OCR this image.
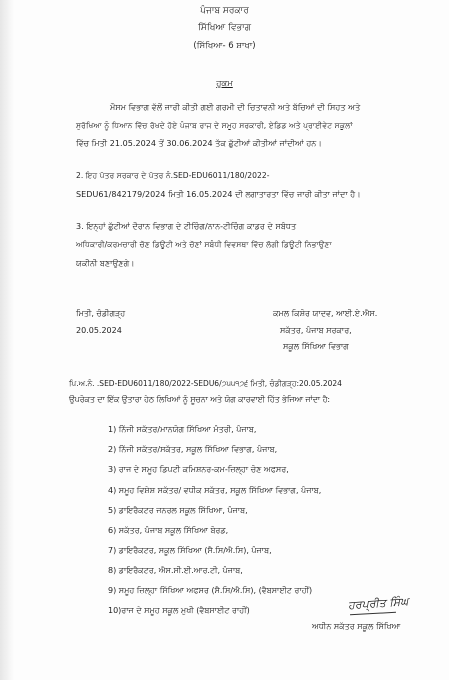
ਪੰਜਾਬ ਸਰਕਾਰ
ਸਿੱਖਿਆ ਵਿਭਾਗ
(ਸਿੱਖਿਆ- 6 ਸ਼ਾਖਾ)
ਹੁਕਮ
ਮੌਸਮ ਵਿਭਾਗ ਵੱਲੋਂ ਜਾਰੀ ਕੀਤੀ ਗਈ ਗਰਮੀ ਦੀ ਚਿਤਾਵਨੀ ਅਤੇ ਬੱਚਿਆਂ ਦੀ ਸਿਹਤ ਅਤੇ
ਸੁਰੱਖਿਆ ਨੂੰ ਧਿਆਨ ਵਿੱਚ ਰੱਖਦੇ ਹੋਏ ਪੰਜਾਬ ਰਾਜ ਦੇ ਸਮੂਹ ਸਰਕਾਰੀ, ਏਡਿਡ ਅਤੇ ਪ੍ਰਾਈਵੇਟ ਸਕੂਲਾਂ
ਵਿੱਚ ਮਿਤੀ 21.05.2024 ਤੋਂ 30.06.2024 ਤੱਕ ਛੁੱਟੀਆਂ ਕੀਤੀਆਂ ਜਾਂਦੀਆਂ ਹਨ।
2. ਇਹ ਪੱਤਰ ਸਰਕਾਰ ਦੇ ਪੱਤਰ ਨੰ.SED-EDU6011/180/2022-
SEDU61/842179/2024 ਮਿਤੀ 16.05.2024 ਦੀ ਲਗਾਤਾਰਤਾ ਵਿੱਚ ਜਾਰੀ ਕੀਤਾ ਜਾਂਦਾ ਹੈ।
3. ਇਨ੍ਹਾਂ ਛੁੱਟੀਆਂ ਦੌਰਾਨ ਵਿਭਾਗ ਦੇ ਟੀਚਿੰਗ/ਨਾਨ-ਟੀਚਿੰਗ ਕਾਡਰ ਦੇ ਸਬੰਧਤ
ਅਧਿਕਾਰੀ/ਕਰਮਚਾਰੀ ਚੋਣ ਡਿਊਟੀ ਅਤੇ ਚੋਣਾਂ ਸਬੰਧੀ ਵਿਵਸਥਾ ਵਿੱਚ ਲੱਗੀ ਡਿਊਟੀ ਨਿਭਾਉਣਾ
ਯਕੀਨੀ ਬਣਾਉਣਗੇ।
ਮਿਤੀ, ਚੰਡੀਗੜ੍ਹ
20.05.2024
ਕਮਲ ਕਿਸ਼ੋਰ ਯਾਦਵ, ਆਈ.ਏ.ਐਸ.
ਸਕੱਤਰ, ਪੰਜਾਬ ਸਰਕਾਰ,
ਸਕੂਲ ਸਿੱਖਿਆ ਵਿਭਾਗ
ਪਿ.ਅ.ਨੰ. .SED-EDU6011/180/2022-SEDU6/੭੫੫੧੭੬ ਮਿਤੀ, ਚੰਡੀਗੜ੍ਹ:20.05.2024
ਉਪਰੋਕਤ ਦਾ ਇੱਕ ਉਤਾਰਾ ਹੇਠ ਲਿਖਿਆਂ ਨੂੰ ਸੂਚਨਾ ਅਤੇ ਯੋਗ ਕਾਰਵਾਈ ਹਿੱਤ ਭੇਜਿਆ ਜਾਂਦਾ ਹੈ:
1) ਨਿੱਜੀ ਸਕੱਤਰ/ਮਾਨਯੋਗ ਸਿੱਖਿਆ ਮੰਤਰੀ, ਪੰਜਾਬ,
2) ਨਿੱਜੀ ਸਕੱਤਰ/ਸਕੱਤਰ, ਸਕੂਲ ਸਿੱਖਿਆ ਵਿਭਾਗ, ਪੰਜਾਬ,
3) ਰਾਜ ਦੇ ਸਮੂਹ ਡਿਪਟੀ ਕਮਿਸ਼ਨਰ-ਕਮ-ਜ਼ਿਲ੍ਹਾ ਚੋਣ ਅਫਸਰ,
4) ਸਮੂਹ ਵਿਸ਼ੇਸ਼ ਸਕੱਤਰ/ ਵਧੀਕ ਸਕੱਤਰ, ਸਕੂਲ ਸਿੱਖਿਆ ਵਿਭਾਗ, ਪੰਜਾਬ,
5) ਡਾਇਰੈਕਟਰ ਜਨਰਲ ਸਕੂਲ ਸਿੱਖਿਆ, ਪੰਜਾਬ,
6) ਸਕੱਤਰ, ਪੰਜਾਬ ਸਕੂਲ ਸਿੱਖਿਆ ਬੋਰਡ,
7) ਡਾਇਰੈਕਟਰ, ਸਕੂਲ ਸਿੱਖਿਆ (ਸੈ.ਸਿ/ਐ.ਸਿ), ਪੰਜਾਬ,
8) ਡਾਇਰੈਕਟਰ, ਐਸ.ਸੀ.ਈ.ਆਰ.ਟੀ, ਪੰਜਾਬ,
9) ਸਮੂਹ ਜ਼ਿਲ੍ਹਾ ਸਿੱਖਿਆ ਅਫਸਰ (ਸੈ.ਸਿ/ਐ.ਸਿ), (ਵੈਬਸਾਈਟ ਰਾਹੀਂ)
10)ਰਾਜ ਦੇ ਸਮੂਹ ਸਕੂਲ ਮੁਖੀ (ਵੈਬਸਾਈਟ ਰਾਹੀਂ)	ਹਰਪ੍ਰੀਤ ਸਿੰਘ
ਅਧੀਨ ਸਕੱਤਰ ਸਕੂਲ ਸਿੱਖਿਆ
